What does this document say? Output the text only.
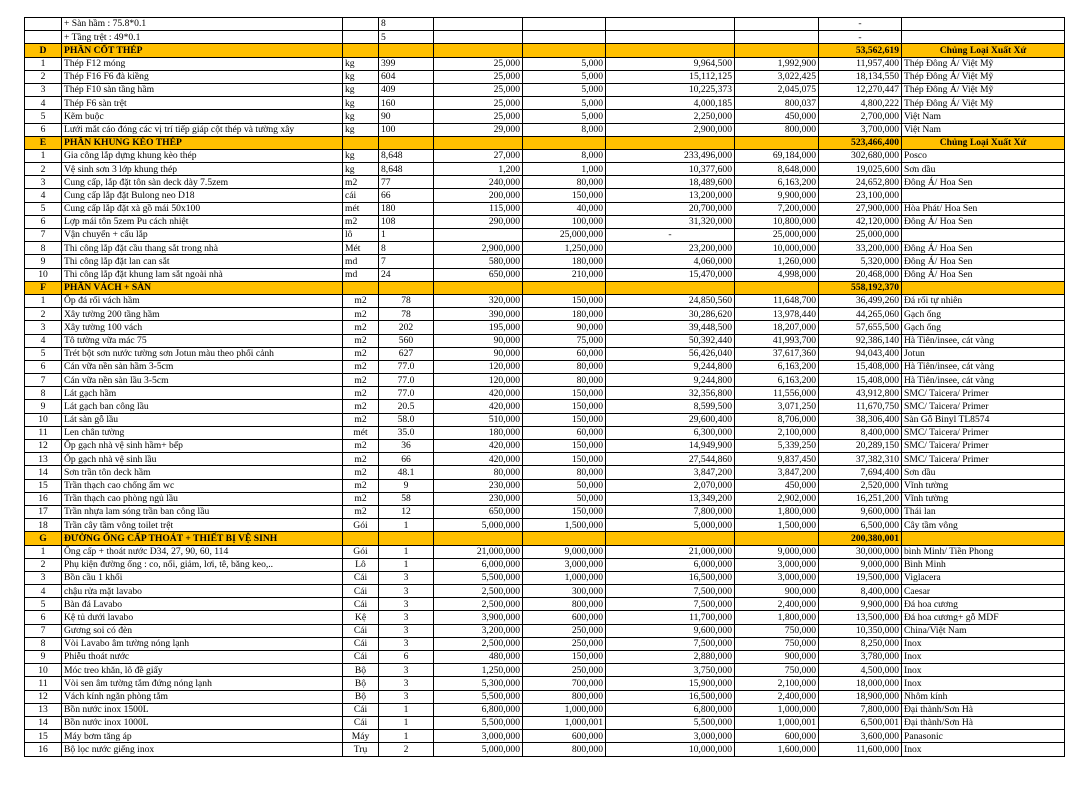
	+ Sàn hầm : 75.8*0.1		8					-	
	+ Tầng trệt : 49*0.1		5					-	
D	PHẦN CỐT THÉP							53,562,619	Chủng Loại Xuất Xứ
1	Thép F12 móng	kg	399	25,000	5,000	9,964,500	1,992,900	11,957,400	Thép Đông Á/ Việt Mỹ
2	Thép F16 F6 đà kiềng	kg	604	25,000	5,000	15,112,125	3,022,425	18,134,550	Thép Đông Á/ Việt Mỹ
3	Thép F10 sàn tầng hầm	kg	409	25,000	5,000	10,225,373	2,045,075	12,270,447	Thép Đông Á/ Việt Mỹ
4	Thép F6 sàn trệt	kg	160	25,000	5,000	4,000,185	800,037	4,800,222	Thép Đông Á/ Việt Mỹ
5	Kẽm buộc	kg	90	25,000	5,000	2,250,000	450,000	2,700,000	Việt Nam
6	Lưới mắt cáo đóng các vị trí tiếp giáp cột thép và tường xây	kg	100	29,000	8,000	2,900,000	800,000	3,700,000	Việt Nam
E	PHẦN KHUNG KÈO THÉP							523,466,400	Chủng Loại Xuất Xứ
1	Gia công lắp dựng khung kèo thép	kg	8,648	27,000	8,000	233,496,000	69,184,000	302,680,000	Posco
2	Vệ sinh sơn 3 lớp khung thép	kg	8,648	1,200	1,000	10,377,600	8,648,000	19,025,600	Sơn dầu
3	Cung cấp, lắp đặt tôn sàn deck dày 7.5zem	m2	77	240,000	80,000	18,489,600	6,163,200	24,652,800	Đông Á/ Hoa Sen
4	Cung cấp lắp đặt Bulong neo D18	cái	66	200,000	150,000	13,200,000	9,900,000	23,100,000	
5	Cung cấp lắp đặt xà gồ mái 50x100	mét	180	115,000	40,000	20,700,000	7,200,000	27,900,000	Hòa Phát/ Hoa Sen
6	Lợp mái tôn 5zem Pu cách nhiệt	m2	108	290,000	100,000	31,320,000	10,800,000	42,120,000	Đông Á/ Hoa Sen
7	Vận chuyển + cẩu lắp	lô	1		25,000,000	-	25,000,000	25,000,000	
8	Thi công lắp đặt cầu thang sắt trong nhà	Mét	8	2,900,000	1,250,000	23,200,000	10,000,000	33,200,000	Đông Á/ Hoa Sen
9	Thi công lắp đặt lan can sắt	md	7	580,000	180,000	4,060,000	1,260,000	5,320,000	Đông Á/ Hoa Sen
10	Thi công lắp đặt khung lam sắt ngoài nhà	md	24	650,000	210,000	15,470,000	4,998,000	20,468,000	Đông Á/ Hoa Sen
F	PHẦN VÁCH + SÀN							558,192,370	
1	Ốp đá rối vách hầm	m2	78	320,000	150,000	24,850,560	11,648,700	36,499,260	Đá rối tự nhiên
2	Xây tường 200 tầng hầm	m2	78	390,000	180,000	30,286,620	13,978,440	44,265,060	Gạch ống
3	Xây tường 100 vách	m2	202	195,000	90,000	39,448,500	18,207,000	57,655,500	Gạch ống
4	Tô tường vữa mác 75	m2	560	90,000	75,000	50,392,440	41,993,700	92,386,140	Hà Tiên/insee, cát vàng
5	Trét bột sơn nước tường sơn Jotun màu theo phối cảnh	m2	627	90,000	60,000	56,426,040	37,617,360	94,043,400	Jotun
6	Cán vữa nền sàn hầm 3-5cm	m2	77.0	120,000	80,000	9,244,800	6,163,200	15,408,000	Hà Tiên/insee, cát vàng
7	Cán vữa nền sàn lầu 3-5cm	m2	77.0	120,000	80,000	9,244,800	6,163,200	15,408,000	Hà Tiên/insee, cát vàng
8	Lát gạch hầm	m2	77.0	420,000	150,000	32,356,800	11,556,000	43,912,800	SMC/ Taicera/ Primer
9	Lát gạch ban công lầu	m2	20.5	420,000	150,000	8,599,500	3,071,250	11,670,750	SMC/ Taicera/ Primer
10	Lát sàn gỗ lầu	m2	58.0	510,000	150,000	29,600,400	8,706,000	38,306,400	Sàn Gỗ Binyl TL8574
11	Len chân tường	mét	35.0	180,000	60,000	6,300,000	2,100,000	8,400,000	SMC/ Taicera/ Primer
12	Ốp gạch nhà vệ sinh hầm+ bếp	m2	36	420,000	150,000	14,949,900	5,339,250	20,289,150	SMC/ Taicera/ Primer
13	Ốp gạch nhà vệ sinh lầu	m2	66	420,000	150,000	27,544,860	9,837,450	37,382,310	SMC/ Taicera/ Primer
14	Sơn trần tôn deck hầm	m2	48.1	80,000	80,000	3,847,200	3,847,200	7,694,400	Sơn dầu
15	Trần thạch cao chống ẩm wc	m2	9	230,000	50,000	2,070,000	450,000	2,520,000	Vĩnh tường
16	Trần thạch cao phòng ngủ lầu	m2	58	230,000	50,000	13,349,200	2,902,000	16,251,200	Vĩnh tường
17	Trần nhựa lam sóng trần ban công lầu	m2	12	650,000	150,000	7,800,000	1,800,000	9,600,000	Thái lan
18	Trần cây tầm vông toilet trệt	Gói	1	5,000,000	1,500,000	5,000,000	1,500,000	6,500,000	Cây tầm vông
G	ĐƯỜNG ỐNG CẤP THOÁT + THIẾT BỊ VỆ SINH							200,380,001	
1	Ống cấp + thoát nước D34, 27, 90, 60, 114	Gói	1	21,000,000	9,000,000	21,000,000	9,000,000	30,000,000	bình Minh/ Tiền Phong
2	Phụ kiện đường ống : co, nối, giảm, lơi, tê, băng keo,..	Lô	1	6,000,000	3,000,000	6,000,000	3,000,000	9,000,000	Bình Minh
3	Bồn cầu 1 khối	Cái	3	5,500,000	1,000,000	16,500,000	3,000,000	19,500,000	Viglacera
4	chậu rửa mặt lavabo	Cái	3	2,500,000	300,000	7,500,000	900,000	8,400,000	Caesar
5	Bàn đá Lavabo	Cái	3	2,500,000	800,000	7,500,000	2,400,000	9,900,000	Đá hoa cương
6	Kệ tủ dưới lavabo	Kệ	3	3,900,000	600,000	11,700,000	1,800,000	13,500,000	Đá hoa cương+ gỗ MDF
7	Gương soi có đèn	Cái	3	3,200,000	250,000	9,600,000	750,000	10,350,000	China/Việt Nam
8	Vòi Lavabo âm tường nóng lạnh	Cái	3	2,500,000	250,000	7,500,000	750,000	8,250,000	Inox
9	Phiễu thoát nước	Cái	6	480,000	150,000	2,880,000	900,000	3,780,000	Inox
10	Móc treo khăn, lô đề giấy	Bộ	3	1,250,000	250,000	3,750,000	750,000	4,500,000	Inox
11	Vòi sen âm tường tắm đứng nóng lạnh	Bộ	3	5,300,000	700,000	15,900,000	2,100,000	18,000,000	Inox
12	Vách kính ngăn phòng tắm	Bộ	3	5,500,000	800,000	16,500,000	2,400,000	18,900,000	Nhôm kính
13	Bồn nước inox 1500L	Cái	1	6,800,000	1,000,000	6,800,000	1,000,000	7,800,000	Đại thành/Sơn Hà
14	Bồn nước inox 1000L	Cái	1	5,500,000	1,000,001	5,500,000	1,000,001	6,500,001	Đại thành/Sơn Hà
15	Máy bơm tăng áp	Máy	1	3,000,000	600,000	3,000,000	600,000	3,600,000	Panasonic
16	Bộ lọc nước giếng inox	Trụ	2	5,000,000	800,000	10,000,000	1,600,000	11,600,000	Inox
